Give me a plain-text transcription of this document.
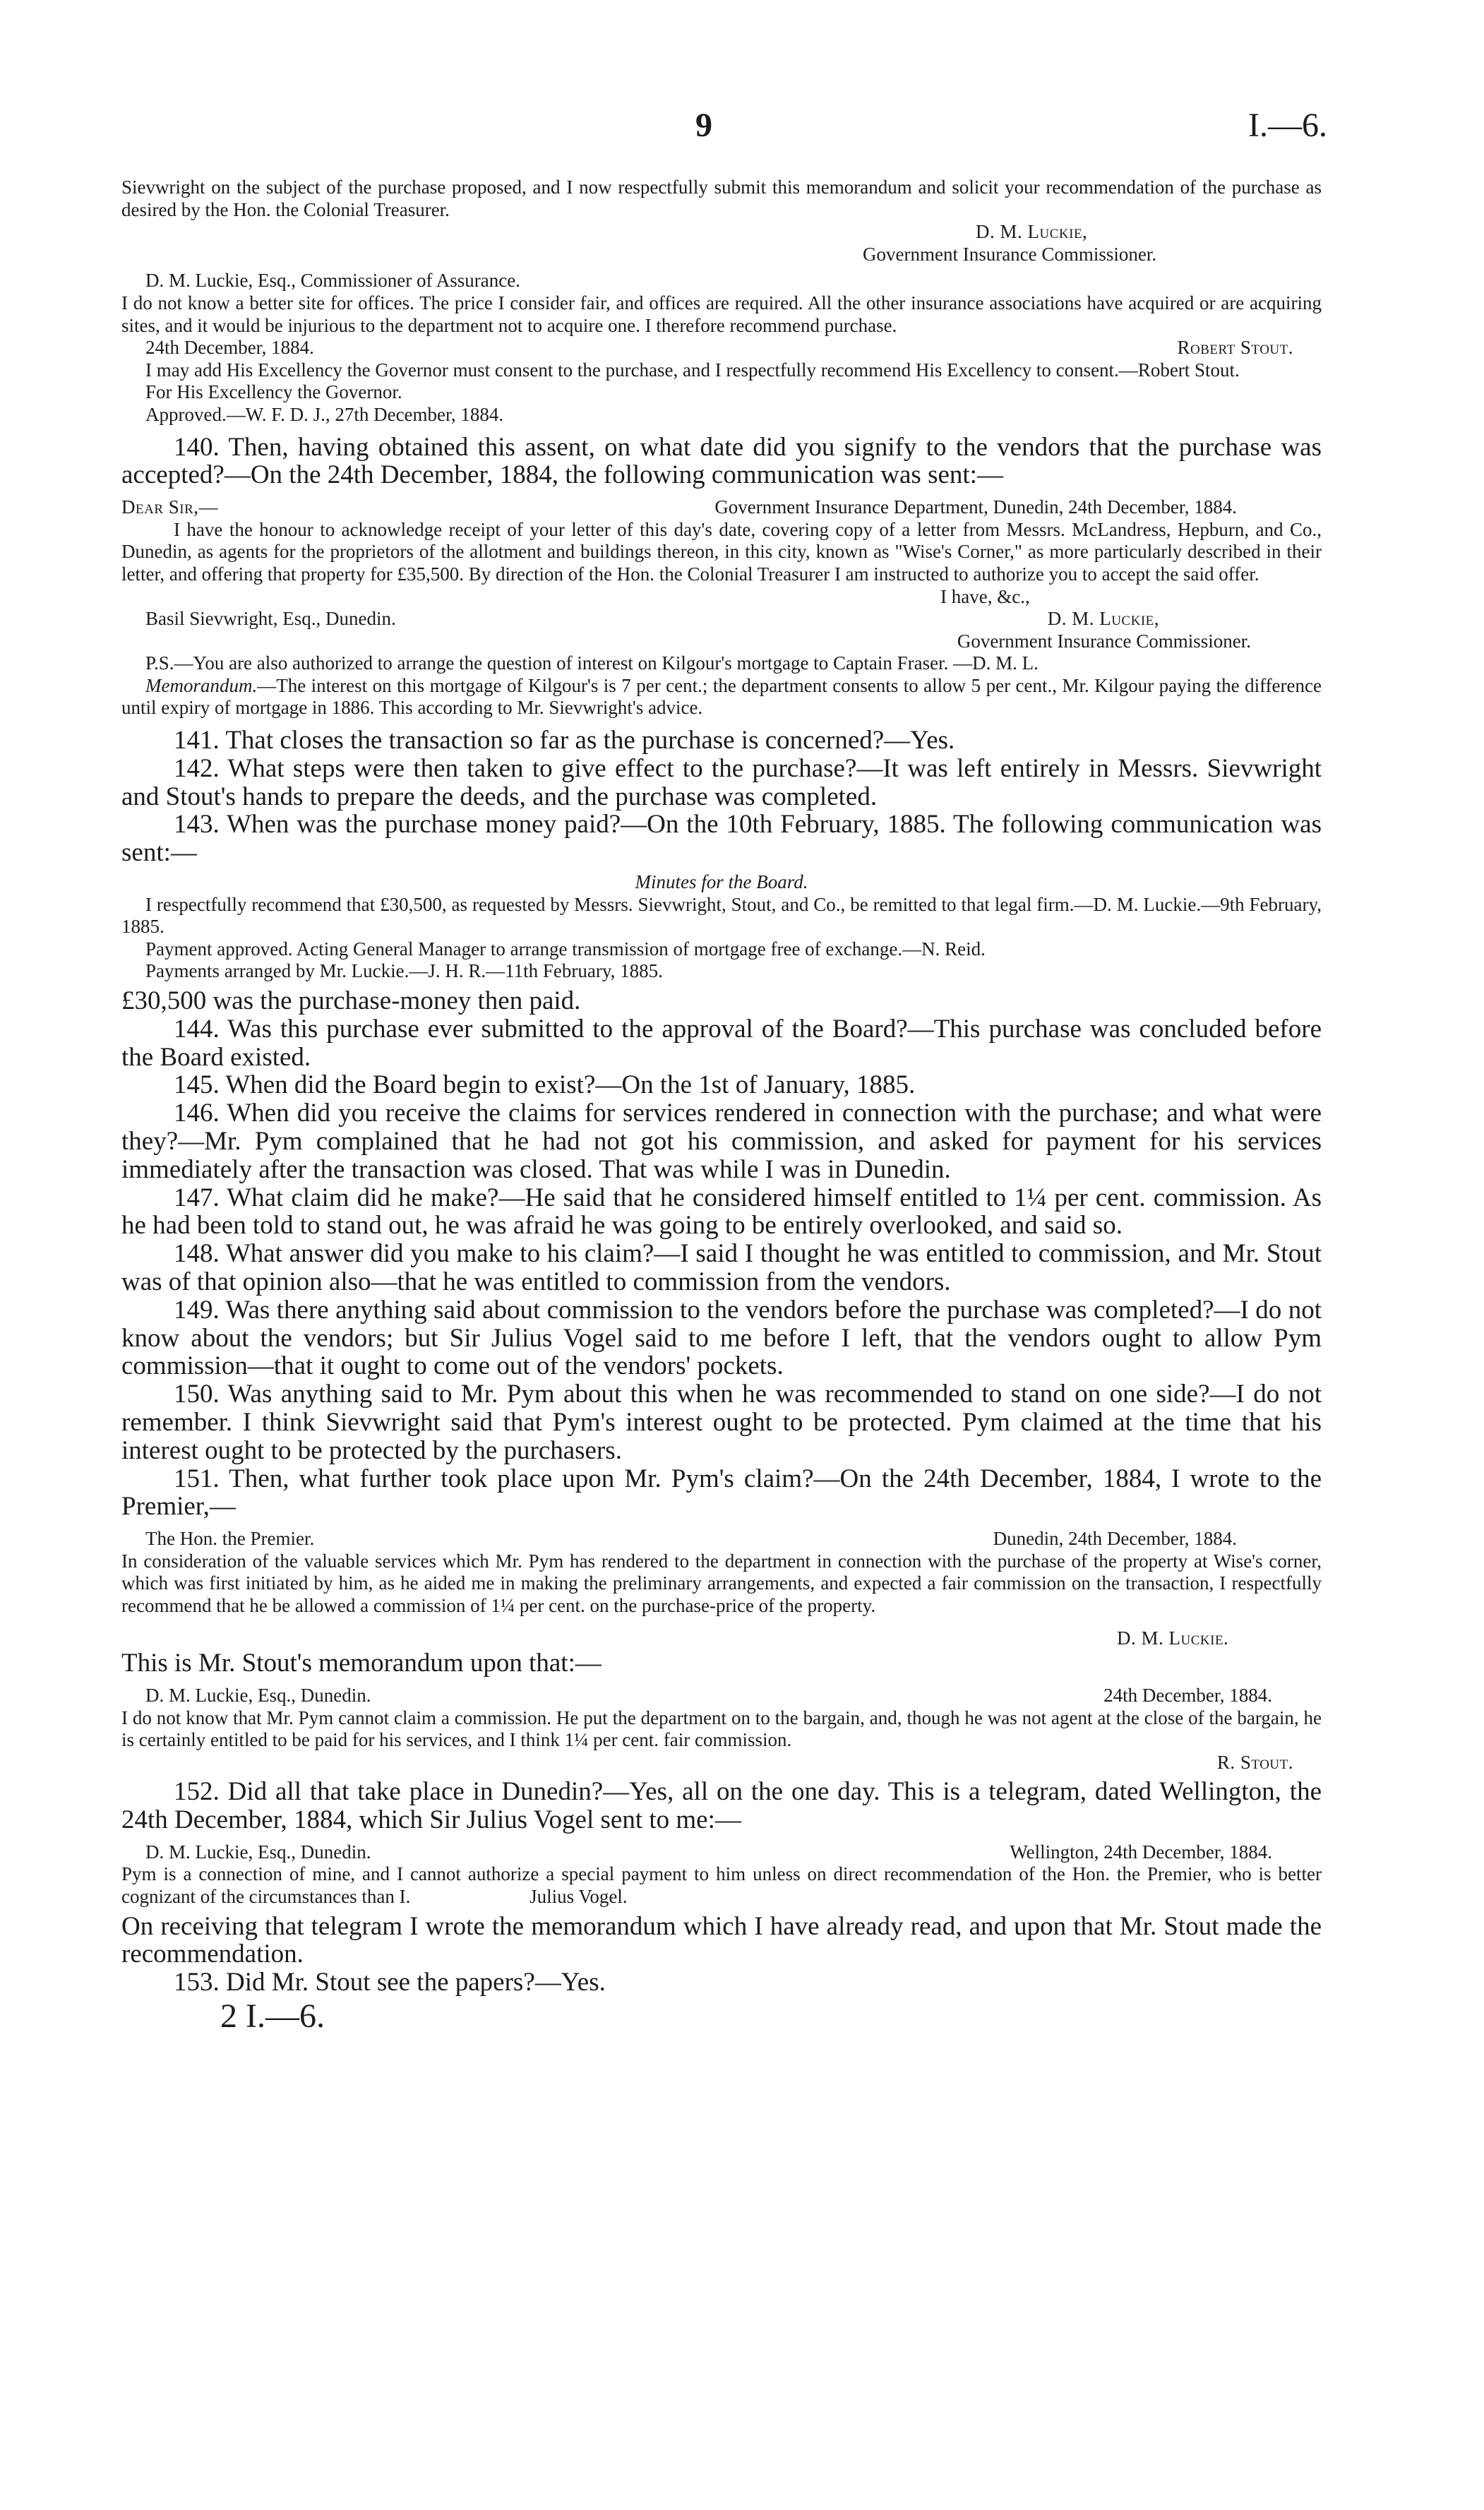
9	I.—6.

Sievwright on the subject of the purchase proposed, and I now respectfully submit this memorandum and solicit your recommendation of the purchase as desired by the Hon. the Colonial Treasurer.

D. M. Luckie,
Government Insurance Commissioner.

D. M. Luckie, Esq., Commissioner of Assurance.

I do not know a better site for offices. The price I consider fair, and offices are required. All the other insurance associations have acquired or are acquiring sites, and it would be injurious to the department not to acquire one. I therefore recommend purchase.

24th December, 1884.	Robert Stout.

I may add His Excellency the Governor must consent to the purchase, and I respectfully recommend His Excellency to consent.—Robert Stout.

For His Excellency the Governor.

Approved.—W. F. D. J., 27th December, 1884.

140. Then, having obtained this assent, on what date did you signify to the vendors that the purchase was accepted?—On the 24th December, 1884, the following communication was sent:—

Dear Sir,—	Government Insurance Department, Dunedin, 24th December, 1884.

I have the honour to acknowledge receipt of your letter of this day's date, covering copy of a letter from Messrs. McLandress, Hepburn, and Co., Dunedin, as agents for the proprietors of the allotment and buildings thereon, in this city, known as "Wise's Corner," as more particularly described in their letter, and offering that property for £35,500. By direction of the Hon. the Colonial Treasurer I am instructed to authorize you to accept the said offer.

I have, &c.,

Basil Sievwright, Esq., Dunedin.	D. M. Luckie,

Government Insurance Commissioner.

P.S.—You are also authorized to arrange the question of interest on Kilgour's mortgage to Captain Fraser. —D. M. L.

Memorandum.—The interest on this mortgage of Kilgour's is 7 per cent.; the department consents to allow 5 per cent., Mr. Kilgour paying the difference until expiry of mortgage in 1886. This according to Mr. Sievwright's advice.

141. That closes the transaction so far as the purchase is concerned?—Yes.

142. What steps were then taken to give effect to the purchase?—It was left entirely in Messrs. Sievwright and Stout's hands to prepare the deeds, and the purchase was completed.

143. When was the purchase money paid?—On the 10th February, 1885. The following communication was sent:—

Minutes for the Board.

I respectfully recommend that £30,500, as requested by Messrs. Sievwright, Stout, and Co., be remitted to that legal firm.—D. M. Luckie.—9th February, 1885.

Payment approved. Acting General Manager to arrange transmission of mortgage free of exchange.—N. Reid.

Payments arranged by Mr. Luckie.—J. H. R.—11th February, 1885.

£30,500 was the purchase-money then paid.

144. Was this purchase ever submitted to the approval of the Board?—This purchase was concluded before the Board existed.

145. When did the Board begin to exist?—On the 1st of January, 1885.

146. When did you receive the claims for services rendered in connection with the purchase; and what were they?—Mr. Pym complained that he had not got his commission, and asked for payment for his services immediately after the transaction was closed. That was while I was in Dunedin.

147. What claim did he make?—He said that he considered himself entitled to 1¼ per cent. commission. As he had been told to stand out, he was afraid he was going to be entirely overlooked, and said so.

148. What answer did you make to his claim?—I said I thought he was entitled to commission, and Mr. Stout was of that opinion also—that he was entitled to commission from the vendors.

149. Was there anything said about commission to the vendors before the purchase was completed?—I do not know about the vendors; but Sir Julius Vogel said to me before I left, that the vendors ought to allow Pym commission—that it ought to come out of the vendors' pockets.

150. Was anything said to Mr. Pym about this when he was recommended to stand on one side?—I do not remember. I think Sievwright said that Pym's interest ought to be protected. Pym claimed at the time that his interest ought to be protected by the purchasers.

151. Then, what further took place upon Mr. Pym's claim?—On the 24th December, 1884, I wrote to the Premier,—

The Hon. the Premier.	Dunedin, 24th December, 1884.

In consideration of the valuable services which Mr. Pym has rendered to the department in connection with the purchase of the property at Wise's corner, which was first initiated by him, as he aided me in making the preliminary arrangements, and expected a fair commission on the transaction, I respectfully recommend that he be allowed a commission of 1¼ per cent. on the purchase-price of the property.

D. M. Luckie.

This is Mr. Stout's memorandum upon that:—

D. M. Luckie, Esq., Dunedin.	24th December, 1884.

I do not know that Mr. Pym cannot claim a commission. He put the department on to the bargain, and, though he was not agent at the close of the bargain, he is certainly entitled to be paid for his services, and I think 1¼ per cent. fair commission.

R. Stout.

152. Did all that take place in Dunedin?—Yes, all on the one day. This is a telegram, dated Wellington, the 24th December, 1884, which Sir Julius Vogel sent to me:—

D. M. Luckie, Esq., Dunedin.	Wellington, 24th December, 1884.

Pym is a connection of mine, and I cannot authorize a special payment to him unless on direct recommendation of the Hon. the Premier, who is better cognizant of the circumstances than I.                         Julius Vogel.

On receiving that telegram I wrote the memorandum which I have already read, and upon that Mr. Stout made the recommendation.

153. Did Mr. Stout see the papers?—Yes.

2 I.—6.
